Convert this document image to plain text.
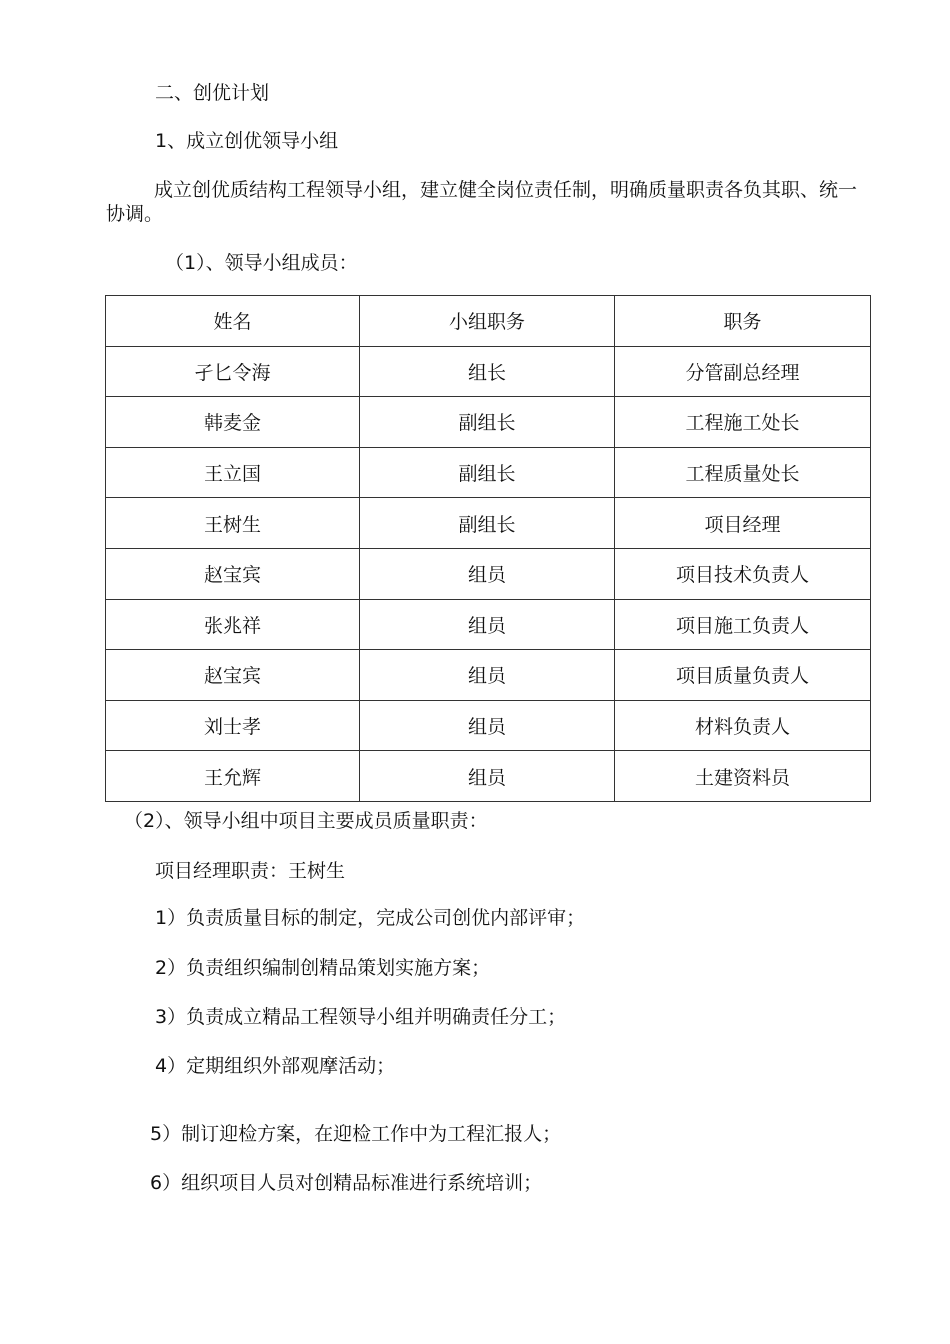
二、创优计划
1、成立创优领导小组
成立创优质结构工程领导小组，建立健全岗位责任制，明确质量职责各负其职、统一协调。
（1）、领导小组成员：
姓名	小组职务	职务
孑匕令海	组长	分管副总经理
韩麦金	副组长	工程施工处长
王立国	副组长	工程质量处长
王树生	副组长	项目经理
赵宝宾	组员	项目技术负责人
张兆祥	组员	项目施工负责人
赵宝宾	组员	项目质量负责人
刘士孝	组员	材料负责人
王允辉	组员	土建资料员
（2）、领导小组中项目主要成员质量职责：
项目经理职责：王树生
1）负责质量目标的制定，完成公司创优内部评审；
2）负责组织编制创精品策划实施方案；
3）负责成立精品工程领导小组并明确责任分工；
4）定期组织外部观摩活动；
5）制订迎检方案，在迎检工作中为工程汇报人；
6）组织项目人员对创精品标准进行系统培训；
